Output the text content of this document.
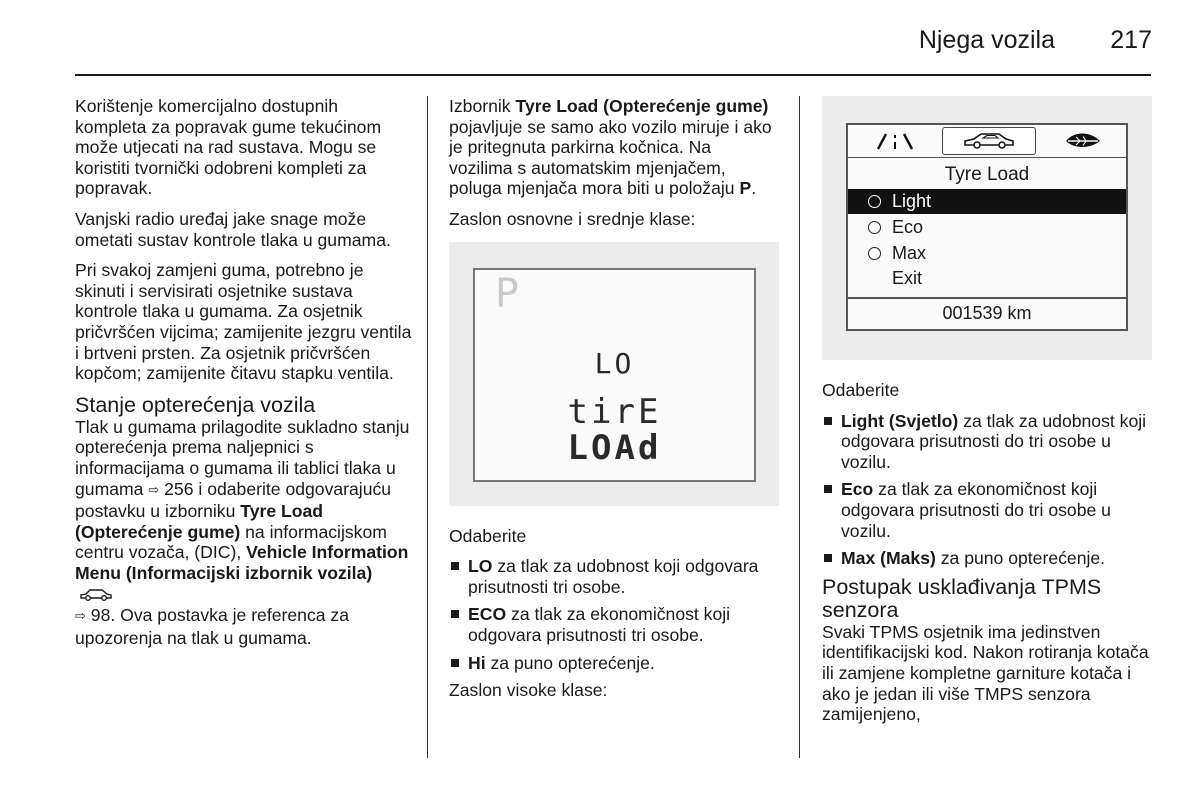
Njega vozila 217

Korištenje komercijalno dostupnih kompleta za popravak gume tekućinom može utjecati na rad sustava. Mogu se koristiti tvornički odobreni kompleti za popravak.

Vanjski radio uređaj jake snage može ometati sustav kontrole tlaka u gumama.

Pri svakoj zamjeni guma, potrebno je skinuti i servisirati osjetnike sustava kontrole tlaka u gumama. Za osjetnik pričvršćen vijcima; zamijenite jezgru ventila i brtveni prsten. Za osjetnik pričvršćen kopčom; zamijenite čitavu stapku ventila.

Stanje opterećenja vozila

Tlak u gumama prilagodite sukladno stanju opterećenja prema naljepnici s informacijama o gumama ili tablici tlaka u gumama ⇨ 256 i odaberite odgovarajuću postavku u izborniku Tyre Load (Opterećenje gume) na informacijskom centru vozača, (DIC), Vehicle Information Menu (Informacijski izbornik vozila)
⇨ 98. Ova postavka je referenca za upozorenja na tlak u gumama.

Izbornik Tyre Load (Opterećenje gume) pojavljuje se samo ako vozilo miruje i ako je pritegnuta parkirna kočnica. Na vozilima s automatskim mjenjačem, poluga mjenjača mora biti u položaju P.

Zaslon osnovne i srednje klase:

P
LO
tirE
LOAd

Odaberite

LO za tlak za udobnost koji odgovara prisutnosti tri osobe.
ECO za tlak za ekonomičnost koji odgovara prisutnosti tri osobe.
Hi za puno opterećenje.

Zaslon visoke klase:

Tyre Load
Light
Eco
Max
Exit
001539 km

Odaberite

Light (Svjetlo) za tlak za udobnost koji odgovara prisutnosti do tri osobe u vozilu.
Eco za tlak za ekonomičnost koji odgovara prisutnosti do tri osobe u vozilu.
Max (Maks) za puno opterećenje.
Postupak usklađivanja TPMS senzora

Svaki TPMS osjetnik ima jedinstven identifikacijski kod. Nakon rotiranja kotača ili zamjene kompletne garniture kotača i ako je jedan ili više TMPS senzora zamijenjeno,
